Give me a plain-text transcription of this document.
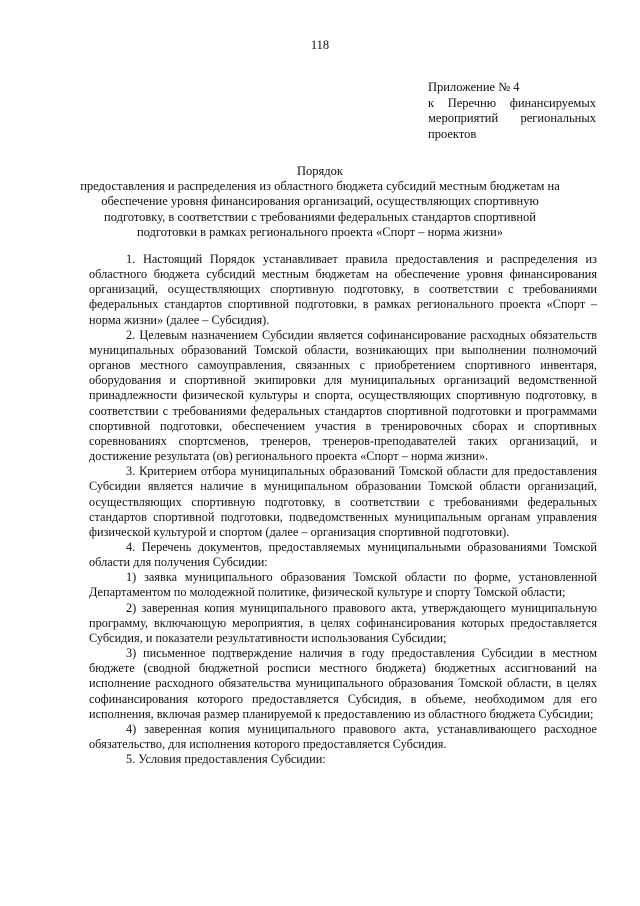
118
Приложение № 4
к Перечню финансируемых мероприятий региональных проектов
Порядок
предоставления и распределения из областного бюджета субсидий местным бюджетам на обеспечение уровня финансирования организаций, осуществляющих спортивную подготовку, в соответствии с требованиями федеральных стандартов спортивной подготовки в рамках регионального проекта «Спорт – норма жизни»

1. Настоящий Порядок устанавливает правила предоставления и распределения из областного бюджета субсидий местным бюджетам на обеспечение уровня финансирования организаций, осуществляющих спортивную подготовку, в соответствии с требованиями федеральных стандартов спортивной подготовки, в рамках регионального проекта «Спорт – норма жизни» (далее – Субсидия).

2. Целевым назначением Субсидии является софинансирование расходных обязательств муниципальных образований Томской области, возникающих при выполнении полномочий органов местного самоуправления, связанных с приобретением спортивного инвентаря, оборудования и спортивной экипировки для муниципальных организаций ведомственной принадлежности физической культуры и спорта, осуществляющих спортивную подготовку, в соответствии с требованиями федеральных стандартов спортивной подготовки и программами спортивной подготовки, обеспечением участия в тренировочных сборах и спортивных соревнованиях спортсменов, тренеров, тренеров-преподавателей таких организаций, и достижение результата (ов) регионального проекта «Спорт – норма жизни».

3. Критерием отбора муниципальных образований Томской области для предоставления Субсидии является наличие в муниципальном образовании Томской области организаций, осуществляющих спортивную подготовку, в соответствии с требованиями федеральных стандартов спортивной подготовки, подведомственных муниципальным органам управления физической культурой и спортом (далее – организация спортивной подготовки).

4. Перечень документов, предоставляемых муниципальными образованиями Томской области для получения Субсидии:

1) заявка муниципального образования Томской области по форме, установленной Департаментом по молодежной политике, физической культуре и спорту Томской области;

2) заверенная копия муниципального правового акта, утверждающего муниципальную программу, включающую мероприятия, в целях софинансирования которых предоставляется Субсидия, и показатели результативности использования Субсидии;

3) письменное подтверждение наличия в году предоставления Субсидии в местном бюджете (сводной бюджетной росписи местного бюджета) бюджетных ассигнований на исполнение расходного обязательства муниципального образования Томской области, в целях софинансирования которого предоставляется Субсидия, в объеме, необходимом для его исполнения, включая размер планируемой к предоставлению из областного бюджета Субсидии;

4) заверенная копия муниципального правового акта, устанавливающего расходное обязательство, для исполнения которого предоставляется Субсидия.

5. Условия предоставления Субсидии:
